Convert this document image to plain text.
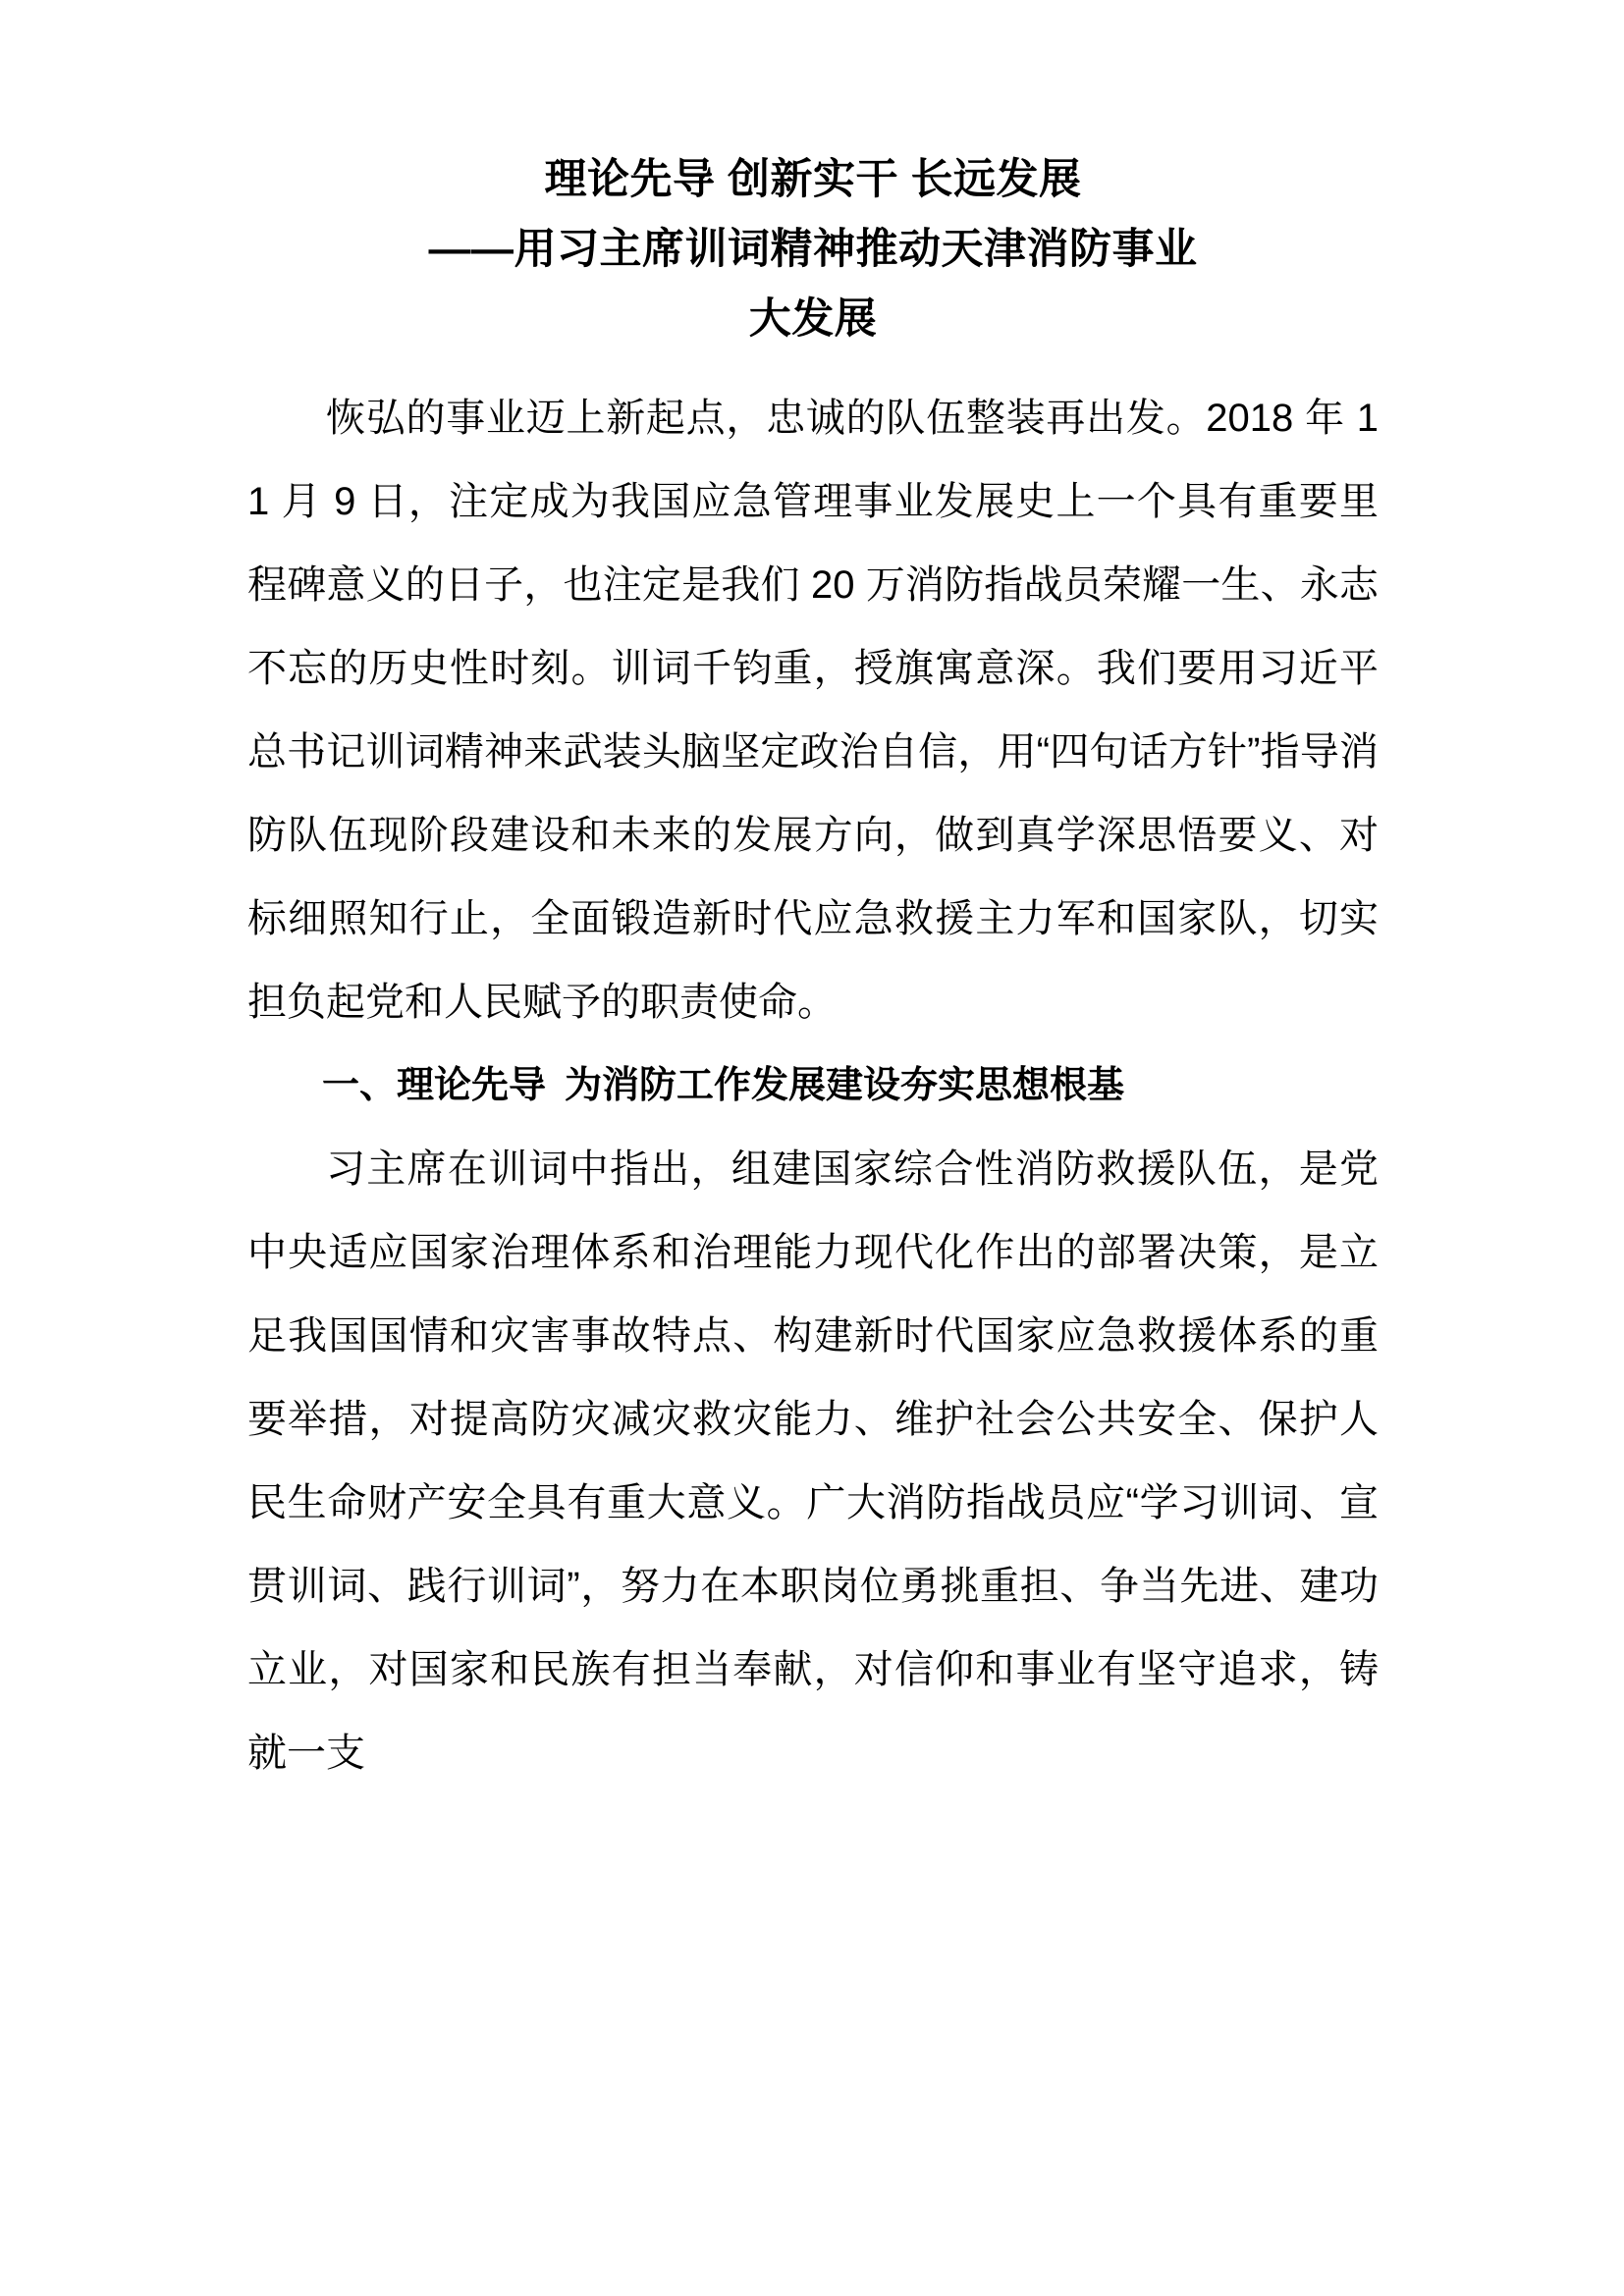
理论先导 创新实干 长远发展
——用习主席训词精神推动天津消防事业
大发展

恢弘的事业迈上新起点，忠诚的队伍整装再出发。2018 年 11 月 9 日，注定成为我国应急管理事业发展史上一个具有重要里程碑意义的日子，也注定是我们 20 万消防指战员荣耀一生、永志不忘的历史性时刻。训词千钧重，授旗寓意深。我们要用习近平总书记训词精神来武装头脑坚定政治自信，用“四句话方针”指导消防队伍现阶段建设和未来的发展方向，做到真学深思悟要义、对标细照知行止，全面锻造新时代应急救援主力军和国家队，切实担负起党和人民赋予的职责使命。

一、理论先导 为消防工作发展建设夯实思想根基

习主席在训词中指出，组建国家综合性消防救援队伍，是党中央适应国家治理体系和治理能力现代化作出的部署决策，是立足我国国情和灾害事故特点、构建新时代国家应急救援体系的重要举措，对提高防灾减灾救灾能力、维护社会公共安全、保护人民生命财产安全具有重大意义。广大消防指战员应“学习训词、宣贯训词、践行训词”，努力在本职岗位勇挑重担、争当先进、建功立业，对国家和民族有担当奉献，对信仰和事业有坚守追求，铸就一支
